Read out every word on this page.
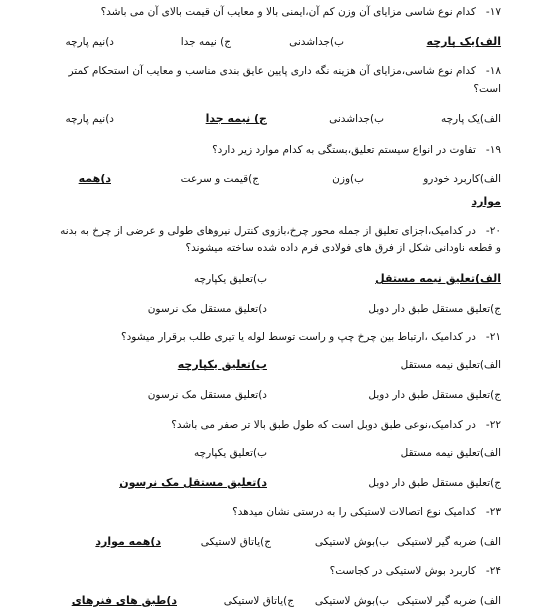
۱۷-   کدام نوع شاسی مزایای آن وزن کم آن،ایمنی بالا و معایب آن قیمت بالای آن می باشد؟
الف)یک پارچه
ب)جداشدنی
ج) نیمه جدا
د)نیم پارچه
۱۸-   کدام نوع شاسی،مزایای آن هزینه نگه داری پایین عایق بندی مناسب و معایب آن استحکام کمتر
است؟
الف)یک پارچه
ب)جداشدنی
ج) نیمه جدا
د)نیم پارچه
۱۹-   تفاوت در انواع سیستم تعلیق،بستگی به کدام موارد زیر دارد؟
الف)کاربرد خودرو
ب)وزن
ج)قیمت و سرعت
د)همه
موارد
۲۰-   در کدامیک،اجزای تعلیق از جمله محور چرخ،بازوی کنترل نیروهای طولی و عرضی از چرخ به بدنه
و قطعه ناودانی شکل از فرق های فولادی فرم داده شده ساخته میشوند؟
الف)تعلیق نیمه مستقل
ب)تعلیق یکپارچه
ج)تعلیق مستقل طبق دار دوبل
د)تعلیق مستقل مک نرسون
۲۱-   در کدامیک ،ارتباط بین چرخ چپ و راست توسط لوله یا تیری طلب برقرار میشود؟
الف)تعلیق نیمه مستقل
ب)تعلیق یکپارچه
ج)تعلیق مستقل طبق دار دوبل
د)تعلیق مستقل مک نرسون
۲۲-   در کدامیک،نوعی طبق دوبل است که طول طبق بالا تر صفر می باشد؟
الف)تعلیق نیمه مستقل
ب)تعلیق یکپارچه
ج)تعلیق مستقل طبق دار دوبل
د)تعلیق مستقل مک نرسون
۲۳-   کدامیک نوع اتصالات لاستیکی را به درستی نشان میدهد؟
الف) ضربه گیر لاستیکی
ب)بوش لاستیکی
ج)یاتاق لاستیکی
د)همه موارد
۲۴-   کاربرد بوش لاستیکی در کجاست؟
الف) ضربه گیر لاستیکی
ب)بوش لاستیکی
ج)یاتاق لاستیکی
د)طبق های فنرهای
